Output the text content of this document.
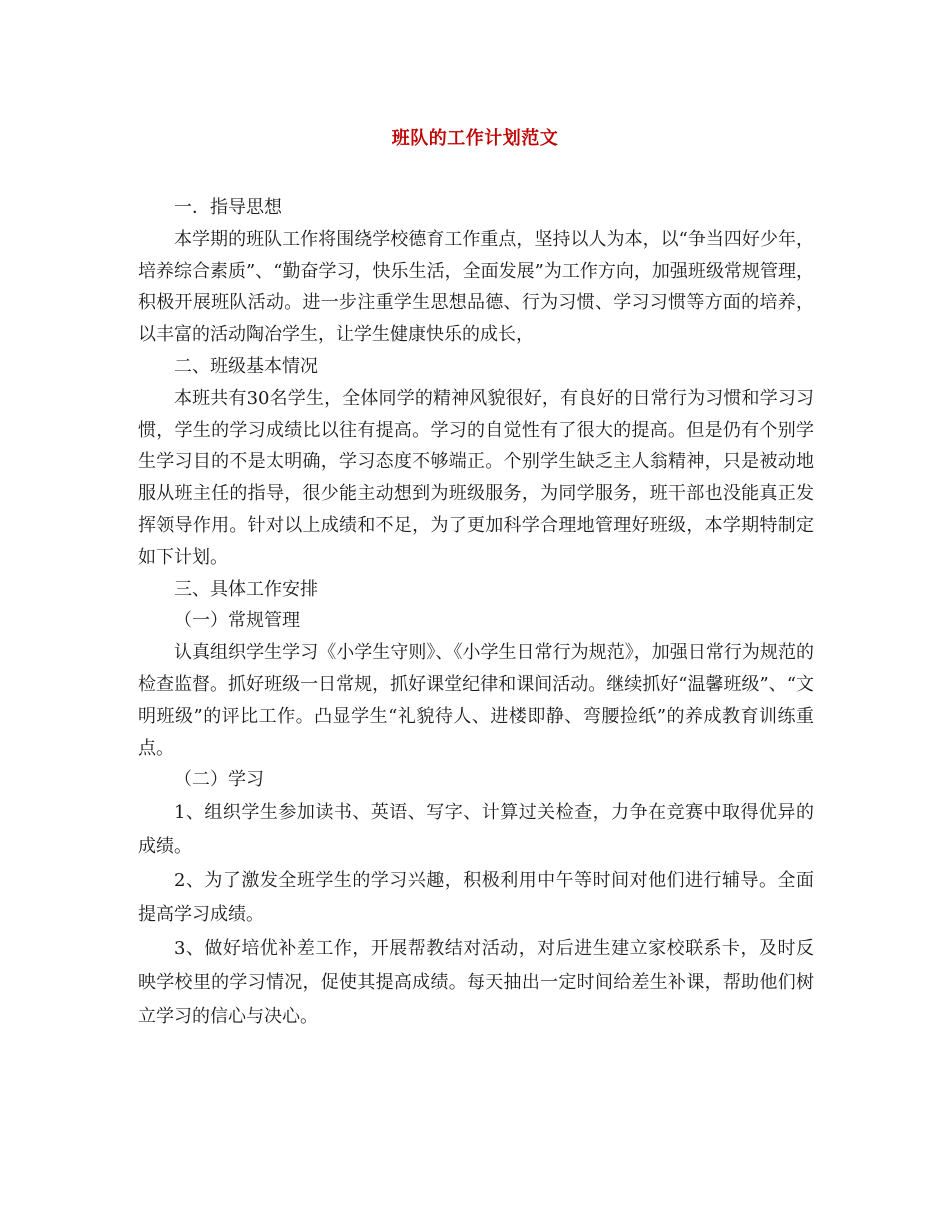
班队的工作计划范文

一．指导思想

本学期的班队工作将围绕学校德育工作重点，坚持以人为本，以“争当四好少年，培养综合素质”、“勤奋学习，快乐生活，全面发展”为工作方向，加强班级常规管理，积极开展班队活动。进一步注重学生思想品德、行为习惯、学习习惯等方面的培养，以丰富的活动陶冶学生，让学生健康快乐的成长，

二、班级基本情况

本班共有30名学生，全体同学的精神风貌很好，有良好的日常行为习惯和学习习惯，学生的学习成绩比以往有提高。学习的自觉性有了很大的提高。但是仍有个别学生学习目的不是太明确，学习态度不够端正。个别学生缺乏主人翁精神，只是被动地服从班主任的指导，很少能主动想到为班级服务，为同学服务，班干部也没能真正发挥领导作用。针对以上成绩和不足，为了更加科学合理地管理好班级，本学期特制定如下计划。

三、具体工作安排

（一）常规管理

认真组织学生学习《小学生守则》、《小学生日常行为规范》，加强日常行为规范的检查监督。抓好班级一日常规，抓好课堂纪律和课间活动。继续抓好“温馨班级”、“文明班级”的评比工作。凸显学生“礼貌待人、进楼即静、弯腰捡纸”的养成教育训练重点。

（二）学习

1、组织学生参加读书、英语、写字、计算过关检查，力争在竞赛中取得优异的成绩。

2、为了激发全班学生的学习兴趣，积极利用中午等时间对他们进行辅导。全面提高学习成绩。

3、做好培优补差工作，开展帮教结对活动，对后进生建立家校联系卡，及时反映学校里的学习情况，促使其提高成绩。每天抽出一定时间给差生补课，帮助他们树立学习的信心与决心。
